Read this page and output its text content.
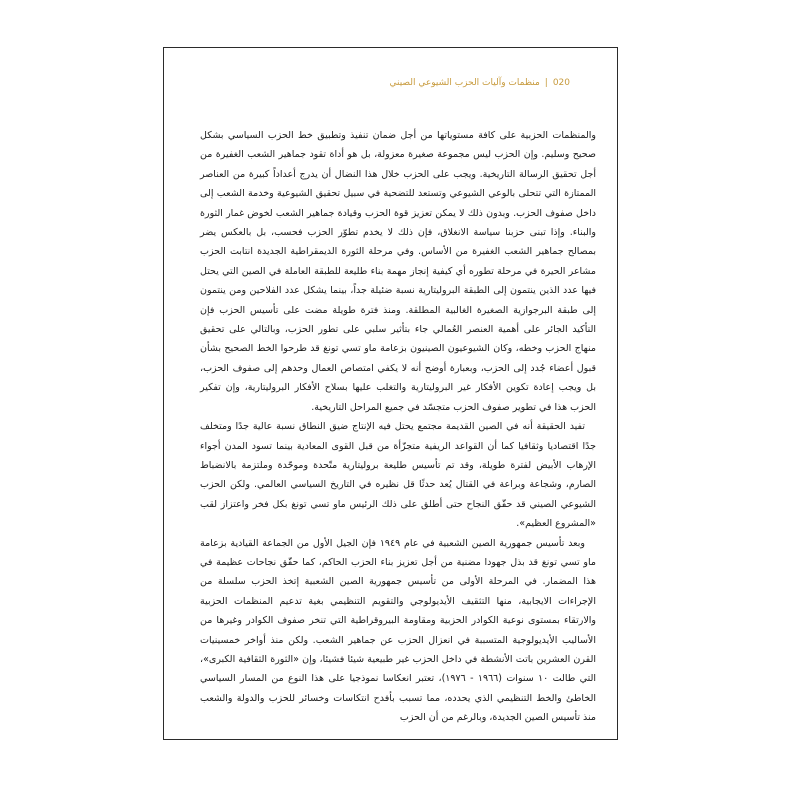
020|منظمات وآليات الحزب الشيوعي الصيني

والمنظمات الحزبية على كافة مستوياتها من أجل ضمان تنفيذ وتطبيق خط الحزب السياسي بشكل صحيح وسليم. وإن الحزب ليس مجموعة صغيرة معزولة، بل هو أداة تقود جماهير الشعب الغفيرة من أجل تحقيق الرسالة التاريخية. ويجب على الحزب خلال هذا النضال أن يدرج أعداداً كبيرة من العناصر الممتازة التي تتحلى بالوعي الشيوعي وتستعد للتضحية في سبيل تحقيق الشيوعية وخدمة الشعب إلى داخل صفوف الحزب. وبدون ذلك لا يمكن تعزيز قوة الحزب وقيادة جماهير الشعب لخوض غمار الثورة والبناء. وإذا تبنى حزبنا سياسة الانغلاق، فإن ذلك لا يخدم تطوّر الحزب فحسب، بل بالعكس يضر بمصالح جماهير الشعب الغفيرة من الأساس. وفي مرحلة الثورة الديمقراطية الجديدة انتابت الحزب مشاعر الحيرة في مرحلة تطوره أي كيفية إنجاز مهمة بناء طليعة للطبقة العاملة في الصين التي يحتل فيها عدد الذين ينتمون إلى الطبقة البروليتارية نسبة ضئيلة جداً، بينما يشكل عدد الفلاحين ومن ينتمون إلى طبقة البرجوازية الصغيرة الغالبية المطلقة. ومنذ فترة طويلة مضت على تأسيس الحزب فإن التأكيد الجائر على أهمية العنصر العُمالي جاء بتأثير سلبي على تطور الحزب، وبالتالي على تحقيق منهاج الحزب وخطه، وكان الشيوعيون الصينيون بزعامة ماو تسي تونغ قد طرحوا الخط الصحيح بشأن قبول أعضاء جُدد إلى الحزب، وبعبارة أوضح أنه لا يكفي امتصاص العمال وحدهم إلى صفوف الحزب، بل ويجب إعادة تكوين الأفكار غير البروليتارية والتغلب عليها بسلاح الأفكار البروليتارية، وإن تفكير الحزب هذا في تطوير صفوف الحزب متجسّد في جميع المراحل التاريخية.

تفيد الحقيقة أنه في الصين القديمة مجتمع يحتل فيه الإنتاج ضيق النطاق نسبة عالية جدًا ومتخلف جدًا اقتصاديا وثقافيا كما أن القواعد الريفية متجزّأة من قبل القوى المعادية بينما تسود المدن أجواء الإرهاب الأبيض لفترة طويلة، وقد تم تأسيس طليعة بروليتارية متّحدة وموحّدة وملتزمة بالانضباط الصارم، وشجاعة وبراعة في القتال يُعد حدثًا قل نظيره في التاريخ السياسي العالمي. ولكن الحزب الشيوعي الصيني قد حقّق النجاح حتى أطلق على ذلك الرئيس ماو تسي تونغ بكل فخر واعتزاز لقب «المشروع العظيم».

وبعد تأسيس جمهورية الصين الشعبية في عام ١٩٤٩ فإن الجيل الأول من الجماعة القيادية بزعامة ماو تسي تونغ قد بذل جهودا مضنية من أجل تعزيز بناء الحزب الحاكم، كما حقّق نجاحات عظيمة في هذا المضمار. في المرحلة الأولى من تأسيس جمهورية الصين الشعبية إتخذ الحزب سلسلة من الإجراءات الايجابية، منها التثقيف الأيديولوجي والتقويم التنظيمي بغية تدعيم المنظمات الحزبية والارتقاء بمستوى نوعية الكوادر الحزبية ومقاومة البيروقراطية التي تنخر صفوف الكوادر وغيرها من الأساليب الأيديولوجية المتسببة في انعزال الحزب عن جماهير الشعب. ولكن منذ أواخر خمسينيات القرن العشرين باتت الأنشطة في داخل الحزب غير طبيعية شيئا فشيئا، وإن «الثورة الثقافية الكبرى»، التي طالت ١٠ سنوات (١٩٦٦ - ١٩٧٦)، تعتبر انعكاسا نموذجيا على هذا النوع من المسار السياسي الخاطئ والخط التنظيمي الذي يحدده، مما تسبب بأفدح انتكاسات وخسائر للحزب والدولة والشعب منذ تأسيس الصين الجديدة، وبالرغم من أن الحزب
